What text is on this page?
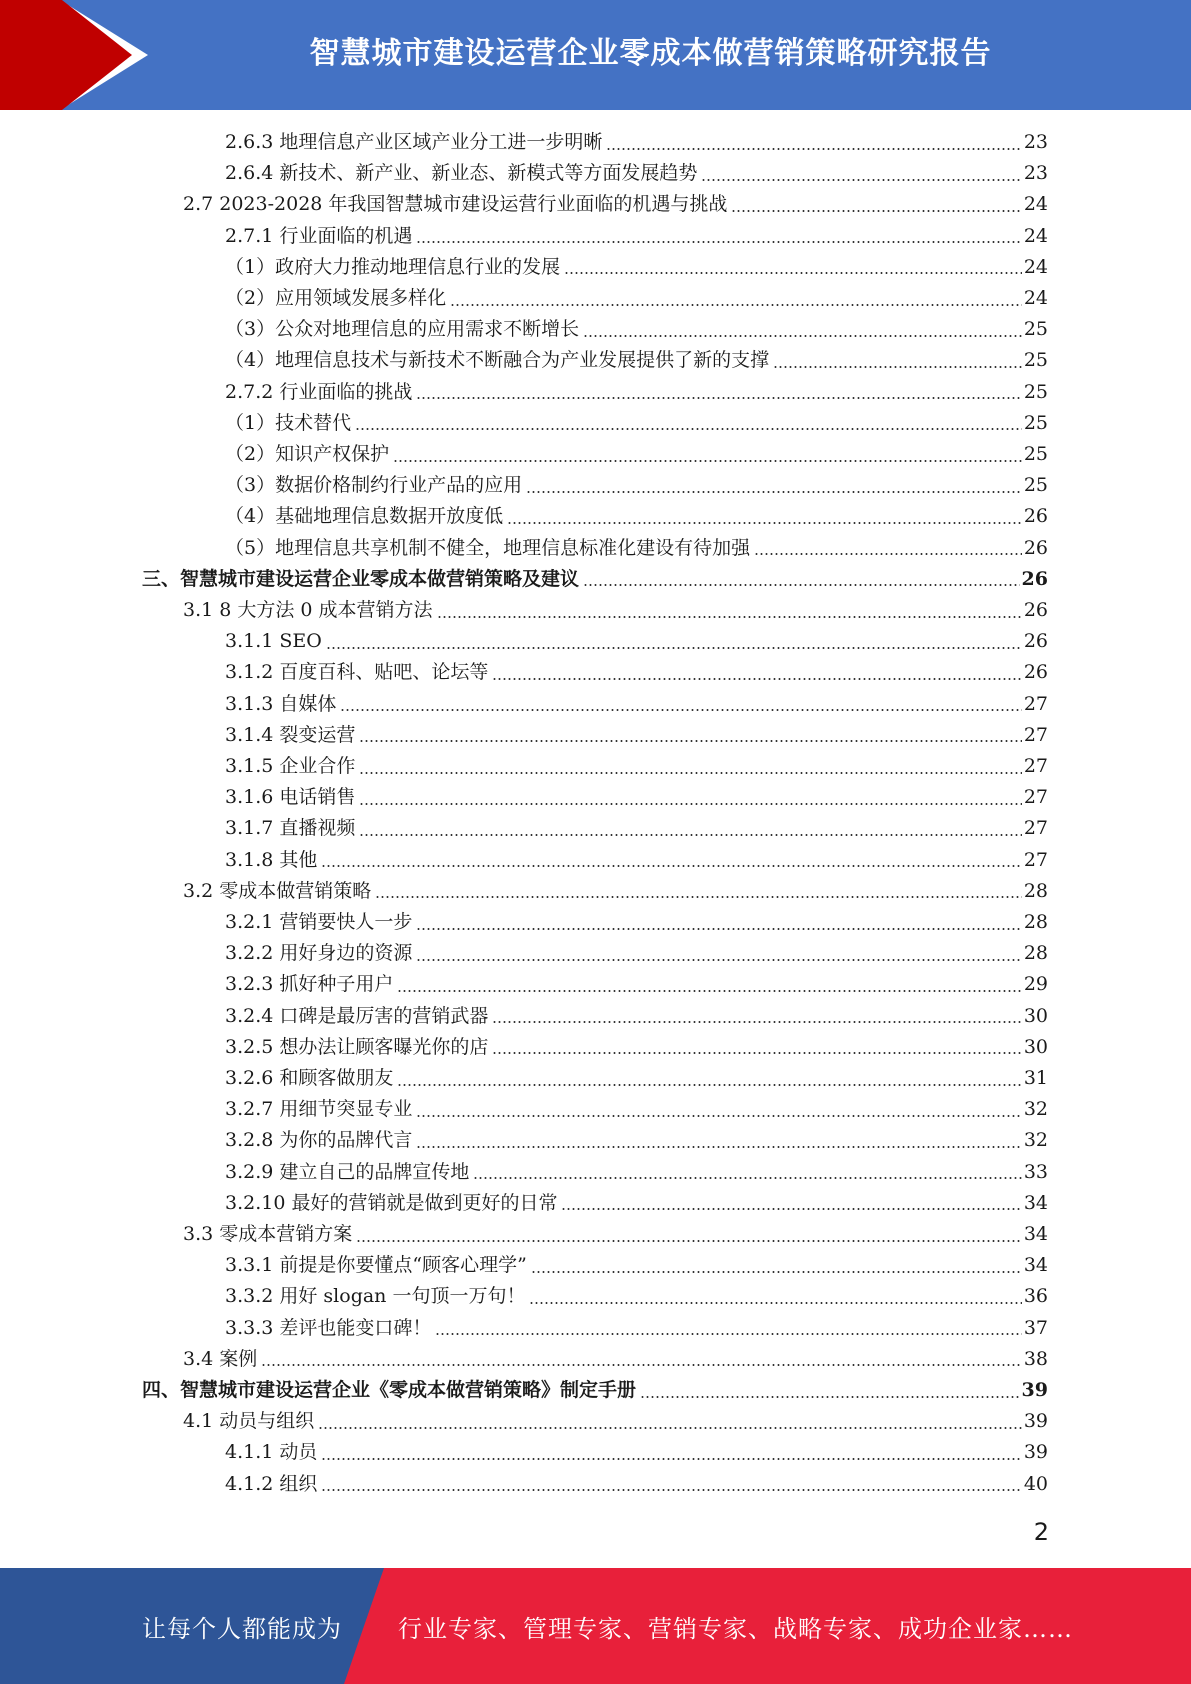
智慧城市建设运营企业零成本做营销策略研究报告
2.6.3 地理信息产业区域产业分工进一步明晰	23
2.6.4 新技术、新产业、新业态、新模式等方面发展趋势	23
2.7 2023-2028 年我国智慧城市建设运营行业面临的机遇与挑战	24
2.7.1 行业面临的机遇	24
（1）政府大力推动地理信息行业的发展	24
（2）应用领域发展多样化	24
（3）公众对地理信息的应用需求不断增长	25
（4）地理信息技术与新技术不断融合为产业发展提供了新的支撑	25
2.7.2 行业面临的挑战	25
（1）技术替代	25
（2）知识产权保护	25
（3）数据价格制约行业产品的应用	25
（4）基础地理信息数据开放度低	26
（5）地理信息共享机制不健全，地理信息标准化建设有待加强	26
三、智慧城市建设运营企业零成本做营销策略及建议	26
3.1 8 大方法 0 成本营销方法	26
3.1.1 SEO	26
3.1.2 百度百科、贴吧、论坛等	26
3.1.3 自媒体	27
3.1.4 裂变运营	27
3.1.5 企业合作	27
3.1.6 电话销售	27
3.1.7 直播视频	27
3.1.8 其他	27
3.2 零成本做营销策略	28
3.2.1 营销要快人一步	28
3.2.2 用好身边的资源	28
3.2.3 抓好种子用户	29
3.2.4 口碑是最厉害的营销武器	30
3.2.5 想办法让顾客曝光你的店	30
3.2.6 和顾客做朋友	31
3.2.7 用细节突显专业	32
3.2.8 为你的品牌代言	32
3.2.9 建立自己的品牌宣传地	33
3.2.10 最好的营销就是做到更好的日常	34
3.3 零成本营销方案	34
3.3.1 前提是你要懂点“顾客心理学”	34
3.3.2 用好 slogan 一句顶一万句！	36
3.3.3 差评也能变口碑！	37
3.4 案例	38
四、智慧城市建设运营企业《零成本做营销策略》制定手册	39
4.1 动员与组织	39
4.1.1 动员	39
4.1.2 组织	40
2
让每个人都能成为	行业专家、管理专家、营销专家、战略专家、成功企业家……
